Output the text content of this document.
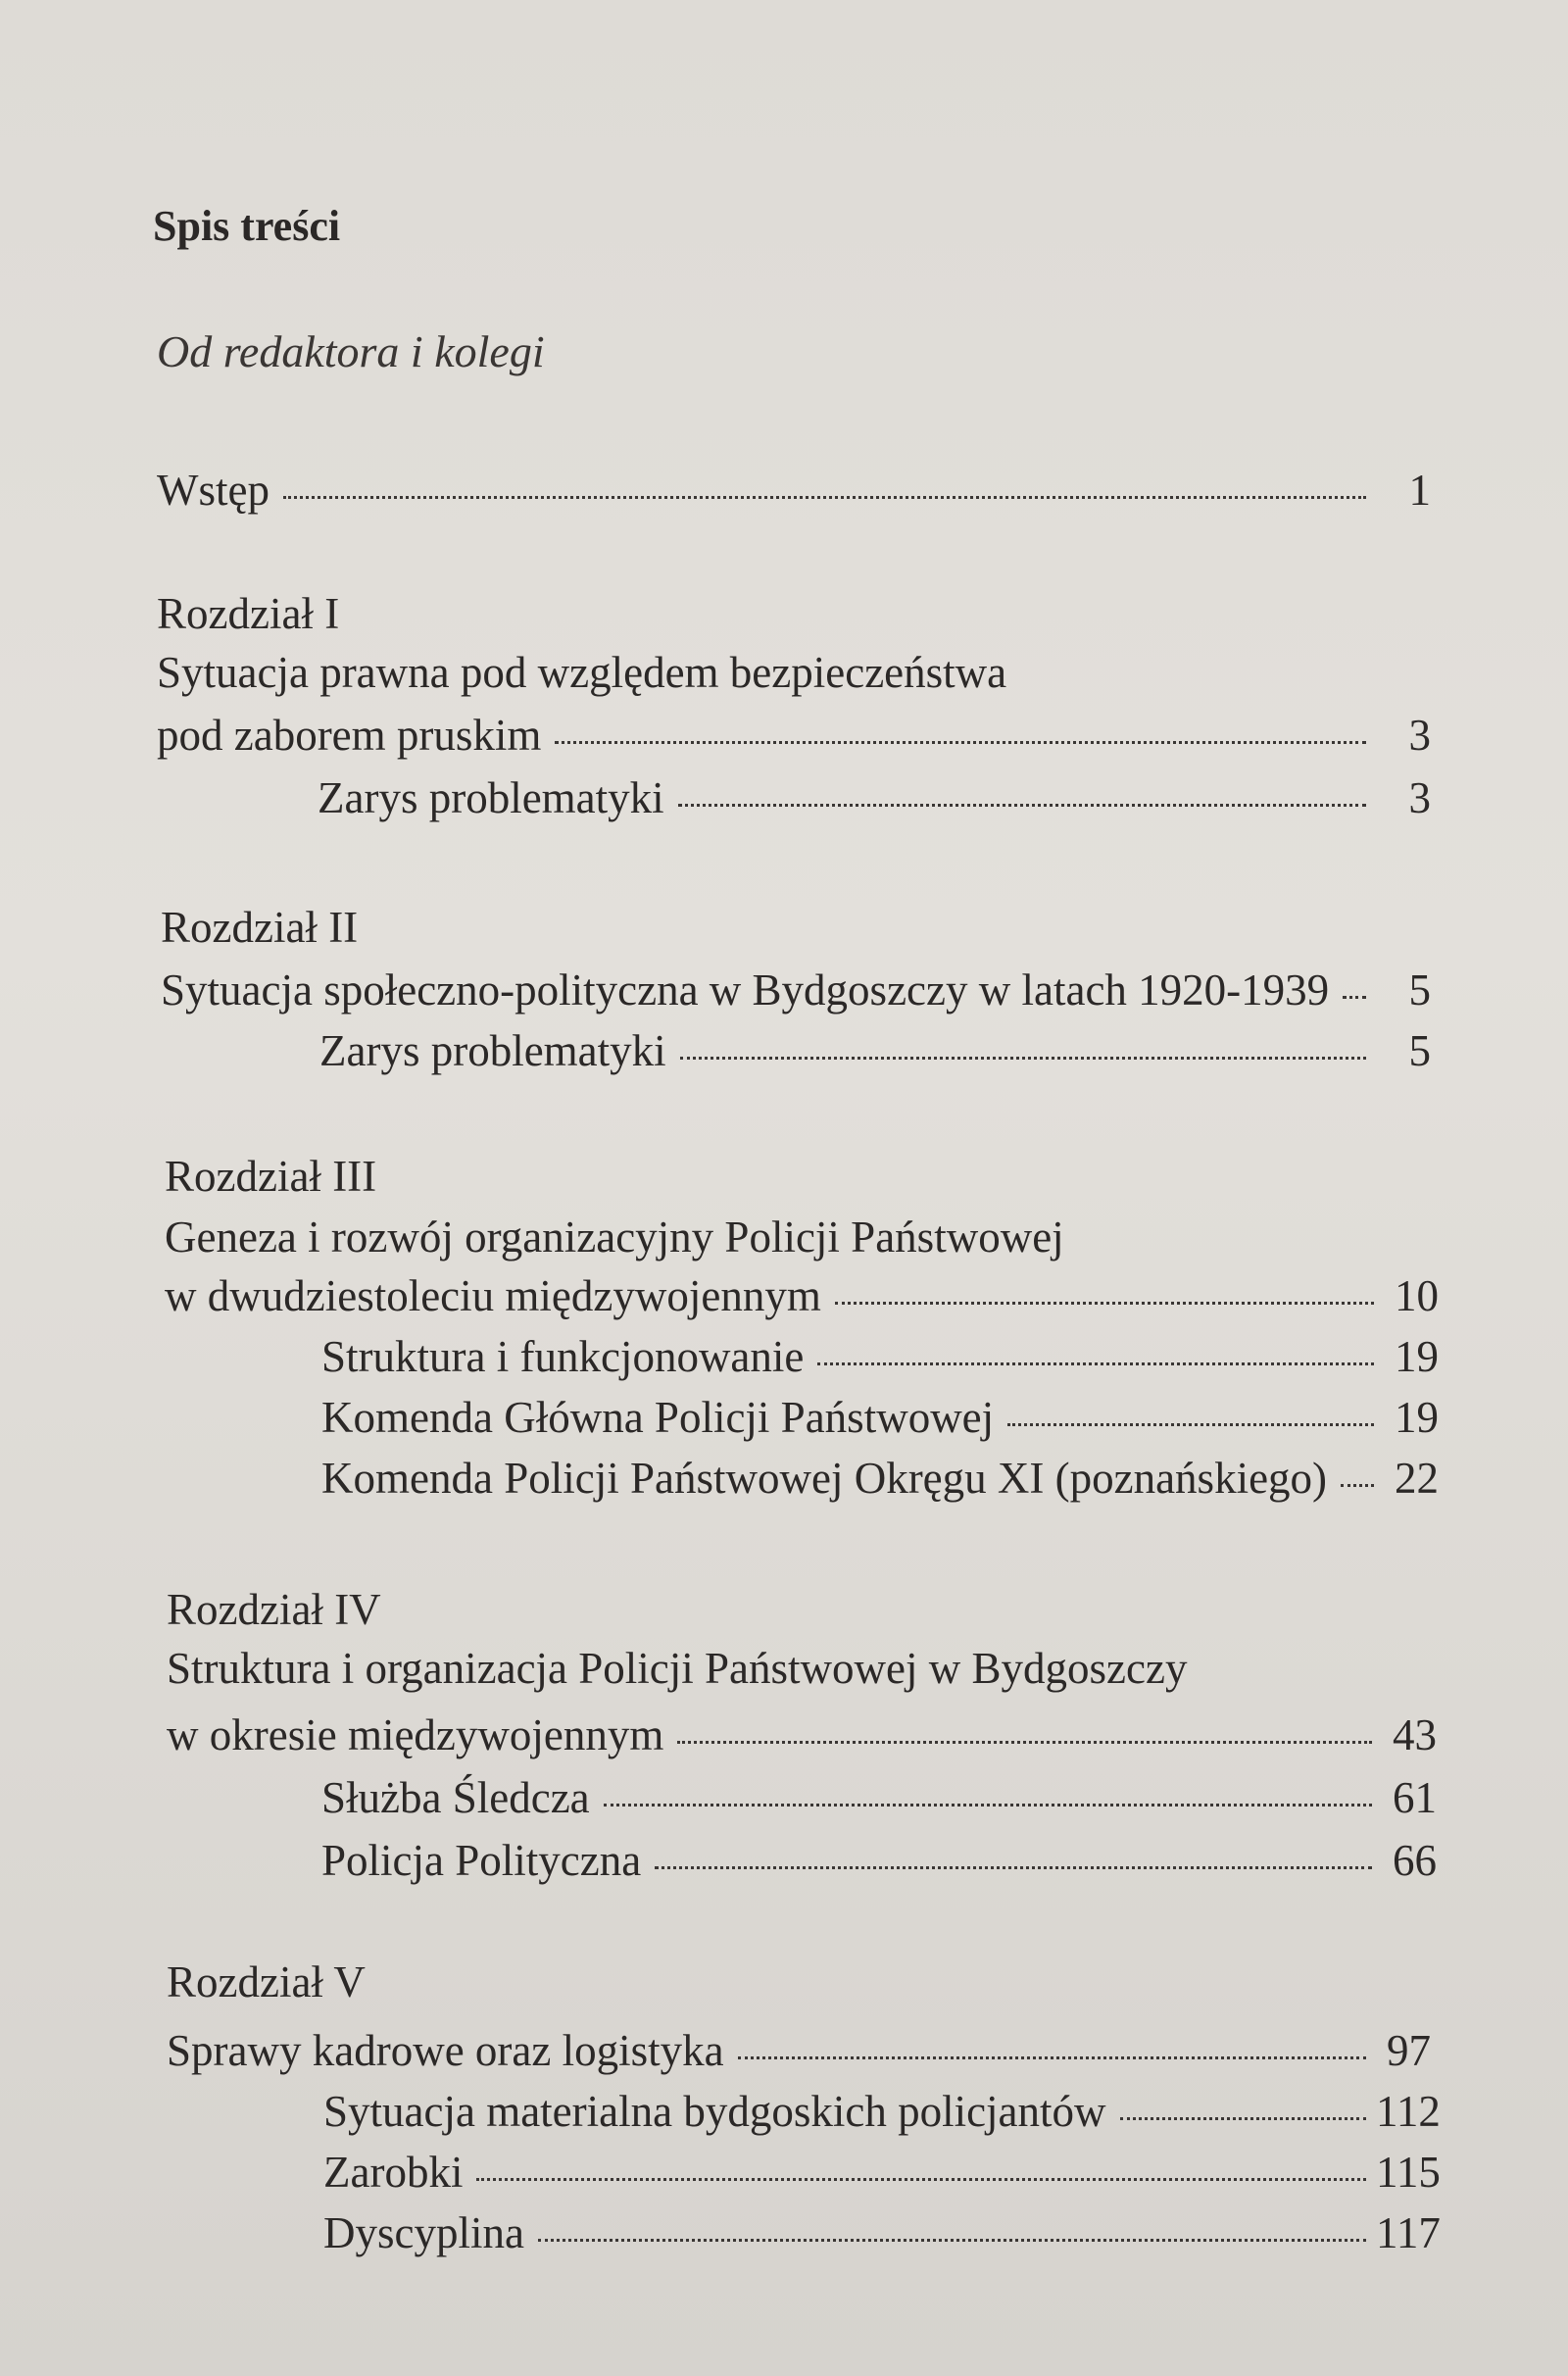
Spis treści
Od redaktora i kolegi
Wstęp	1
Rozdział I
Sytuacja prawna pod względem bezpieczeństwa
pod zaborem pruskim	3
Zarys problematyki	3
Rozdział II
Sytuacja społeczno-polityczna w Bydgoszczy w latach 1920-1939	5
Zarys problematyki	5
Rozdział III
Geneza i rozwój organizacyjny Policji Państwowej
w dwudziestoleciu międzywojennym	10
Struktura i funkcjonowanie	19
Komenda Główna Policji Państwowej	19
Komenda Policji Państwowej Okręgu XI (poznańskiego) 22
Rozdział IV
Struktura i organizacja Policji Państwowej w Bydgoszczy
w okresie międzywojennym	43
Służba Śledcza	61
Policja Polityczna	66
Rozdział V
Sprawy kadrowe oraz logistyka	97
Sytuacja materialna bydgoskich policjantów	112
Zarobki	115
Dyscyplina	117
